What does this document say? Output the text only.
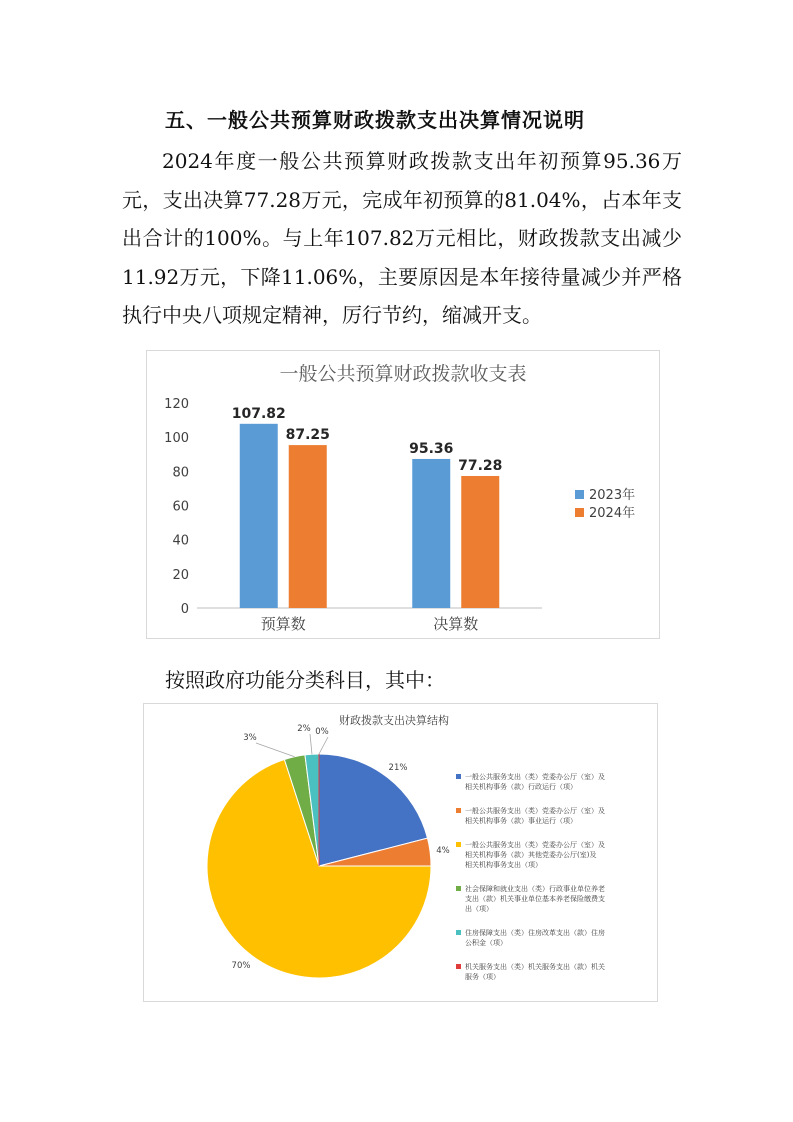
五、一般公共预算财政拨款支出决算情况说明
2024年度一般公共预算财政拨款支出年初预算95.36万元，支出决算77.28万元，完成年初预算的81.04%，占本年支出合计的100%。与上年107.82万元相比，财政拨款支出减少11.92万元，下降11.06%，主要原因是本年接待量减少并严格执行中央八项规定精神，厉行节约，缩减开支。
一般公共预算财政拨款收支表
0
20
40
60
80
100
120
107.82
87.25
预算数
95.36
77.28
决算数
2023年
2024年
按照政府功能分类科目，其中：
财政拨款支出决算结构
21%
4%
70%
3%
2% 0%
一般公共服务支出（类）党委办公厅（室）及相关机构事务（款）行政运行（项）
一般公共服务支出（类）党委办公厅（室）及相关机构事务（款）事业运行（项）
一般公共服务支出（类）党委办公厅（室）及相关机构事务（款）其他党委办公厅(室)及相关机构事务支出（项）
社会保障和就业支出（类）行政事业单位养老支出（款）机关事业单位基本养老保险缴费支出（项）
住房保障支出（类）住房改革支出（款）住房公积金（项）
机关服务支出（类）机关服务支出（款）机关服务（项）
